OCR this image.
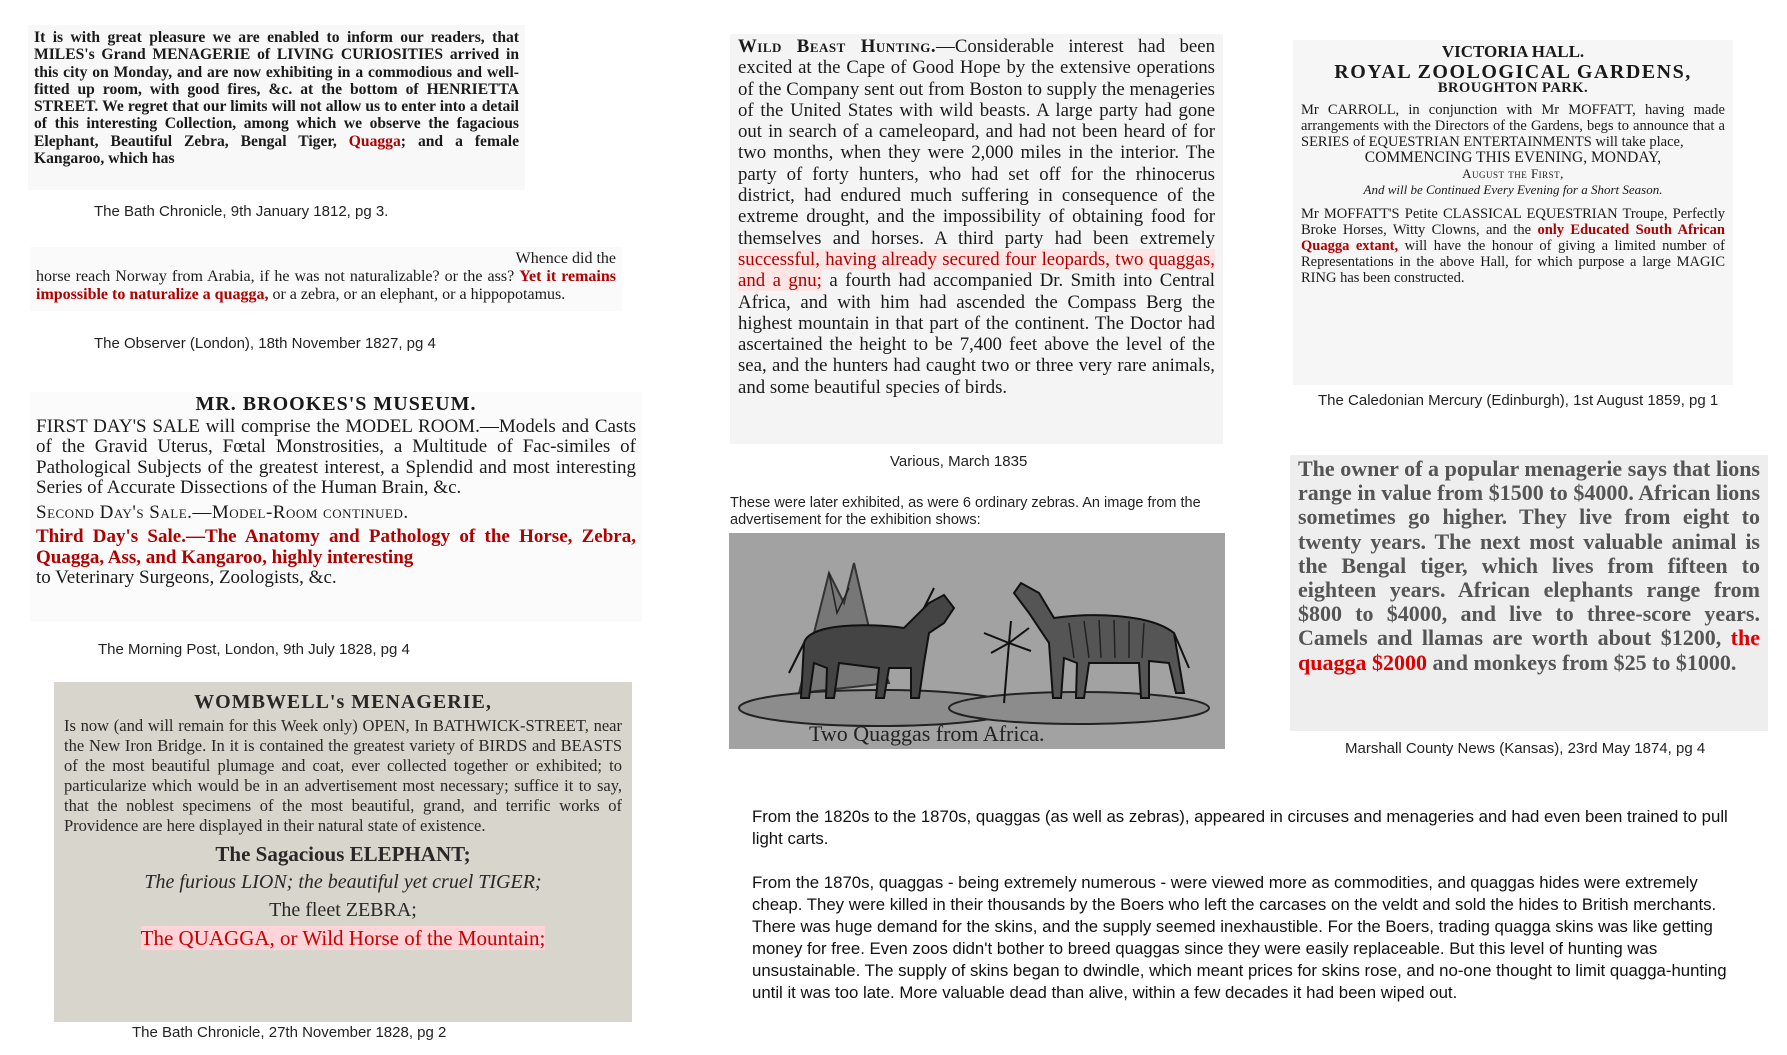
It is with great pleasure we are enabled to inform our readers, that MILES's Grand MENAGERIE of LIVING CURIOSITIES arrived in this city on Monday, and are now exhibiting in a commodious and well-fitted up room, with good fires, &c. at the bottom of HENRIETTA STREET. We regret that our limits will not allow us to enter into a detail of this interesting Collection, among which we observe the fagacious Elephant, Beautiful Zebra, Bengal Tiger, Quagga; and a female Kangaroo, which has

The Bath Chronicle, 9th January 1812, pg 3.

Whence did the

horse reach Norway from Arabia, if he was not naturalizable? or the ass? Yet it remains impossible to naturalize a quagga, or a zebra, or an elephant, or a hippopotamus.

The Observer (London), 18th November 1827, pg 4

MR. BROOKES'S MUSEUM.

FIRST DAY'S SALE will comprise the MODEL ROOM.—Models and Casts of the Gravid Uterus, Fœtal Monstrosities, a Multitude of Fac-similes of Pathological Subjects of the greatest interest, a Splendid and most interesting Series of Accurate Dissections of the Human Brain, &c.

Second Day's Sale.—Model-Room continued.

Third Day's Sale.—The Anatomy and Pathology of the Horse, Zebra, Quagga, Ass, and Kangaroo, highly interesting

to Veterinary Surgeons, Zoologists, &c.

The Morning Post, London, 9th July 1828, pg 4

WOMBWELL's MENAGERIE,

Is now (and will remain for this Week only) OPEN, In BATHWICK-STREET, near the New Iron Bridge. In it is contained the greatest variety of BIRDS and BEASTS of the most beautiful plumage and coat, ever collected together or exhibited; to particularize which would be in an advertisement most necessary; suffice it to say, that the noblest specimens of the most beautiful, grand, and terrific works of Providence are here displayed in their natural state of existence.

The Sagacious ELEPHANT;

The furious LION; the beautiful yet cruel TIGER;

The fleet ZEBRA;

The QUAGGA, or Wild Horse of the Mountain;

The Bath Chronicle, 27th November 1828, pg 2

Wild Beast Hunting.—Considerable interest had been excited at the Cape of Good Hope by the extensive operations of the Company sent out from Boston to supply the menageries of the United States with wild beasts. A large party had gone out in search of a cameleopard, and had not been heard of for two months, when they were 2,000 miles in the interior. The party of forty hunters, who had set off for the rhinocerus district, had endured much suffering in consequence of the extreme drought, and the impossibility of obtaining food for themselves and horses. A third party had been extremely successful, having already secured four leopards, two quaggas, and a gnu; a fourth had accompanied Dr. Smith into Central Africa, and with him had ascended the Compass Berg the highest mountain in that part of the continent. The Doctor had ascertained the height to be 7,400 feet above the level of the sea, and the hunters had caught two or three very rare animals, and some beautiful species of birds.

Various, March 1835
These were later exhibited, as were 6 ordinary zebras. An image from the advertisement for the exhibition shows:
Two Quaggas from Africa.

VICTORIA HALL.

ROYAL ZOOLOGICAL GARDENS,

BROUGHTON PARK.

Mr CARROLL, in conjunction with Mr MOFFATT, having made arrangements with the Directors of the Gardens, begs to announce that a SERIES of EQUESTRIAN ENTERTAINMENTS will take place,

COMMENCING THIS EVENING, MONDAY,

August the First,

And will be Continued Every Evening for a Short Season.

Mr MOFFATT'S Petite CLASSICAL EQUESTRIAN Troupe, Perfectly Broke Horses, Witty Clowns, and the only Educated South African Quagga extant, will have the honour of giving a limited number of Representations in the above Hall, for which purpose a large MAGIC RING has been constructed.

The Caledonian Mercury (Edinburgh), 1st August 1859, pg 1

The owner of a popular menagerie says that lions range in value from $1500 to $4000. African lions sometimes go higher. They live from eight to twenty years. The next most valuable animal is the Bengal tiger, which lives from fifteen to eighteen years. African elephants range from $800 to $4000, and live to three-score years. Camels and llamas are worth about $1200, the quagga $2000 and monkeys from $25 to $1000.

Marshall County News (Kansas), 23rd May 1874, pg 4

From the 1820s to the 1870s, quaggas (as well as zebras), appeared in circuses and menageries and had even been trained to pull light carts.

From the 1870s, quaggas - being extremely numerous - were viewed more as commodities, and quaggas hides were extremely cheap. They were killed in their thousands by the Boers who left the carcases on the veldt and sold the hides to British merchants. There was huge demand for the skins, and the supply seemed inexhaustible. For the Boers, trading quagga skins was like getting money for free. Even zoos didn't bother to breed quaggas since they were easily replaceable. But this level of hunting was unsustainable. The supply of skins began to dwindle, which meant prices for skins rose, and no-one thought to limit quagga-hunting until it was too late. More valuable dead than alive, within a few decades it had been wiped out.
